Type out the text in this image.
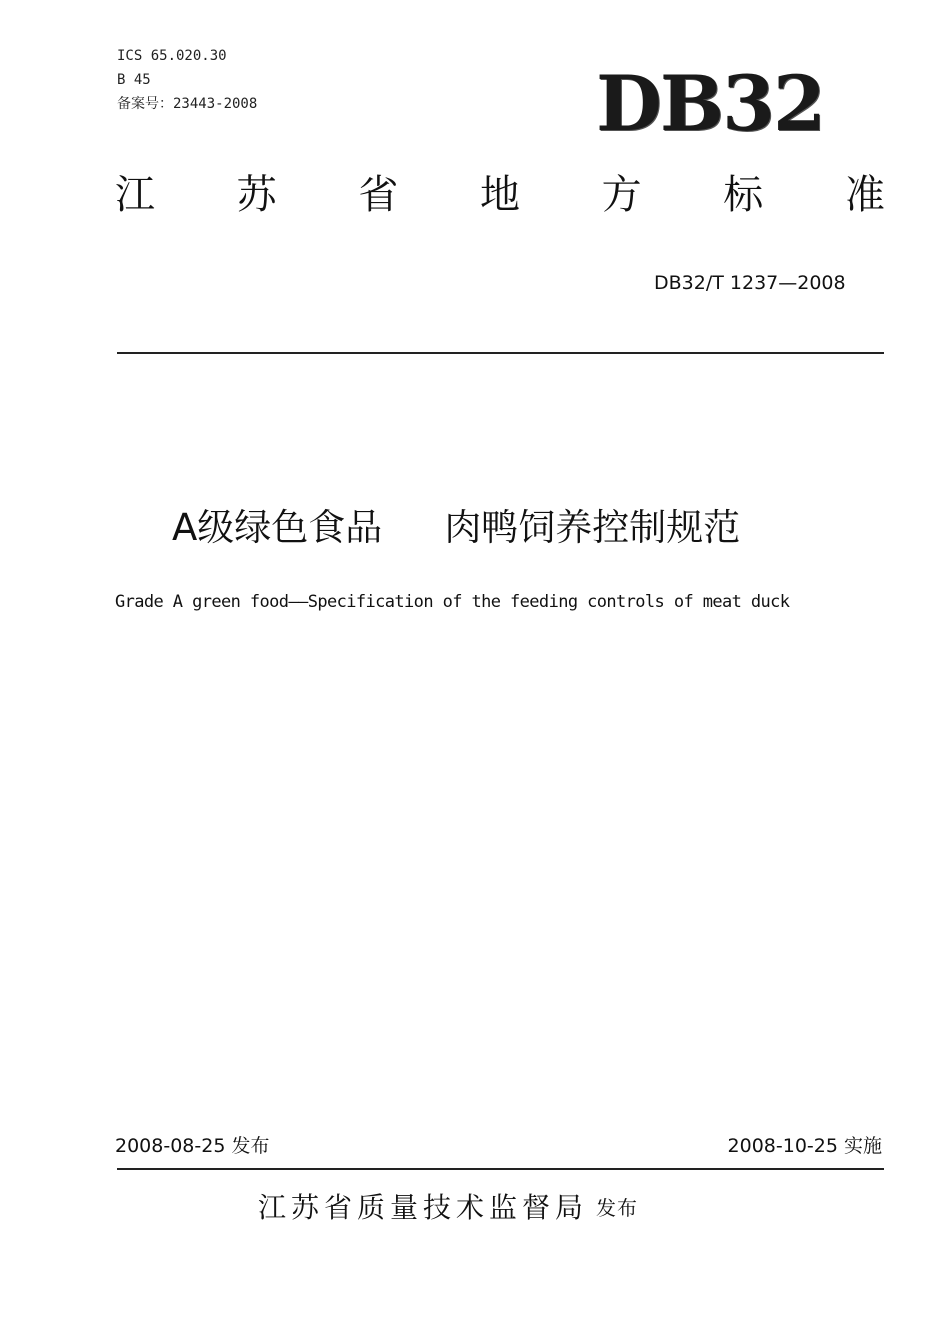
ICS 65.020.30
B 45
备案号：23443-2008	DB32
江 苏 省 地 方 标 准
DB32/T 1237—2008
A级绿色食品 肉鸭饲养控制规范
Grade A green food——Specification of the feeding controls of meat duck
2008-08-25 发布	2008-10-25 实施
江苏省质量技术监督局 发布
